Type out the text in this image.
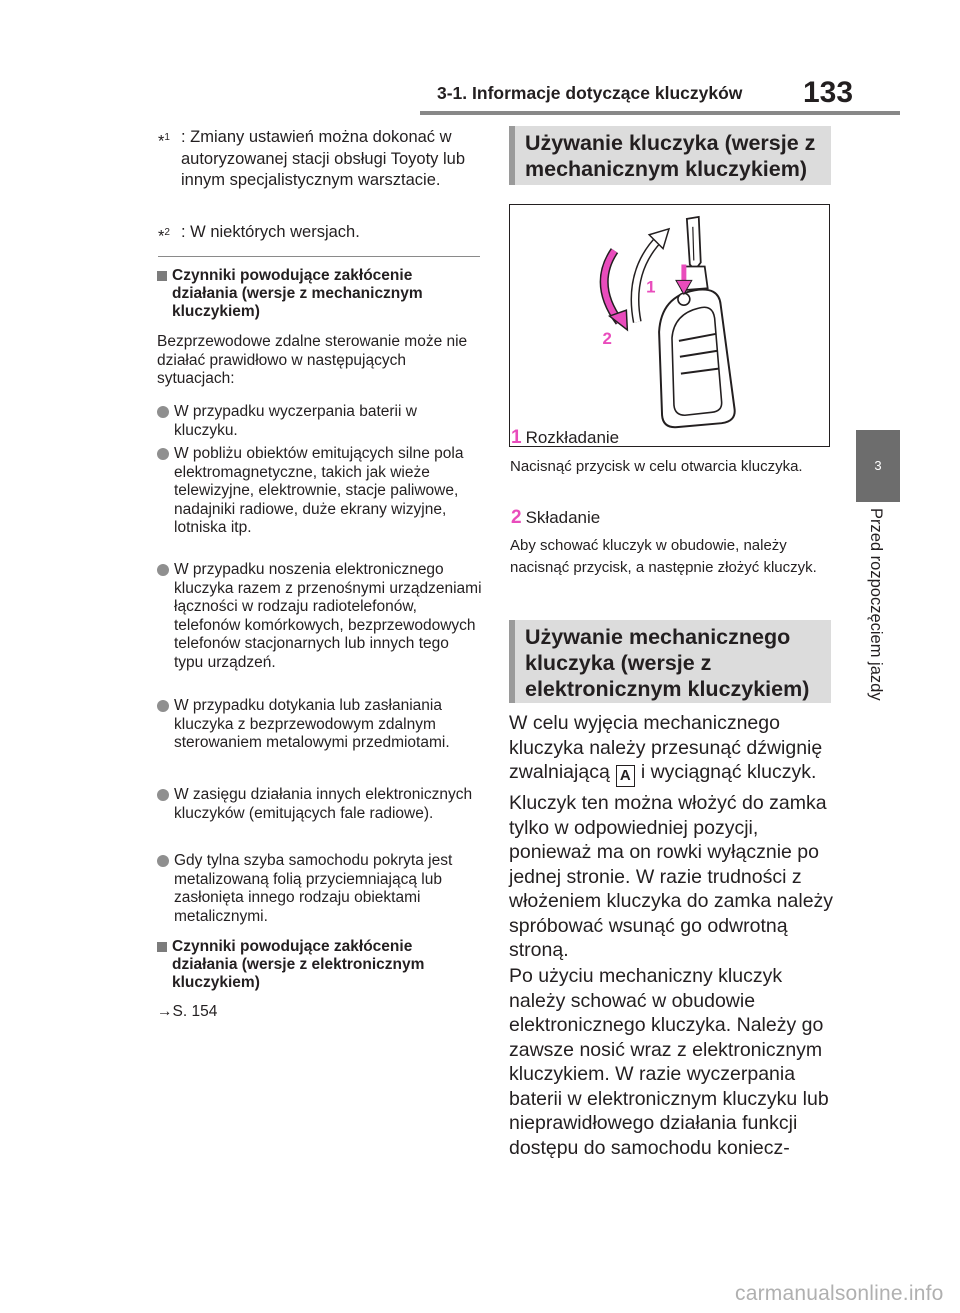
3-1. Informacje dotyczące kluczyków 133
3
Przed rozpoczęciem jazdy
*$^1$ : Zmiany ustawień można dokonać w autoryzowanej stacji obsługi Toyoty lub innym specjalistycznym warsztacie.
*$^2$ : W niektórych wersjach.
Czynniki powodujące zakłócenie działania (wersje z mechanicznym kluczykiem)
Bezprzewodowe zdalne sterowanie może nie działać prawidłowo w następujących sytuacjach:
W przypadku wyczerpania baterii w kluczyku.
W pobliżu obiektów emitujących silne pola elektromagnetyczne, takich jak wieże telewizyjne, elektrownie, stacje paliwowe, nadajniki radiowe, duże ekrany wizyjne, lotniska itp.
W przypadku noszenia elektronicznego kluczyka razem z przenośnymi urządzeniami łączności w rodzaju radiotelefonów, telefonów komórkowych, bezprzewodowych telefonów stacjonarnych lub innych tego typu urządzeń.
W przypadku dotykania lub zasłaniania kluczyka z bezprzewodowym zdalnym sterowaniem metalowymi przedmiotami.
W zasięgu działania innych elektronicznych kluczyków (emitujących fale radiowe).
Gdy tylna szyba samochodu pokryta jest metalizowaną folią przyciemniającą lub zasłonięta innego rodzaju obiektami metalicznymi.
Czynniki powodujące zakłócenie działania (wersje z elektronicznym kluczykiem)
→S. 154
Używanie kluczyka (wersje z mechanicznym kluczykiem)
1
2
1 Rozkładanie
Nacisnąć przycisk w celu otwarcia kluczyka.
2 Składanie
Aby schować kluczyk w obudowie, należy nacisnąć przycisk, a następnie złożyć kluczyk.
Używanie mechanicznego kluczyka (wersje z elektronicznym kluczykiem)
W celu wyjęcia mechanicznego kluczyka należy przesunąć dźwignię zwalniającą A i wyciągnąć kluczyk.
Kluczyk ten można włożyć do zamka tylko w odpowiedniej pozycji, ponieważ ma on rowki wyłącznie po jednej stronie. W razie trudności z włożeniem kluczyka do zamka należy spróbować wsunąć go odwrotną stroną.
Po użyciu mechaniczny kluczyk należy schować w obudowie elektronicznego kluczyka. Należy go zawsze nosić wraz z elektronicznym kluczykiem. W razie wyczerpania baterii w elektronicznym kluczyku lub nieprawidłowego działania funkcji dostępu do samochodu koniecz-
carmanualsonline.info
